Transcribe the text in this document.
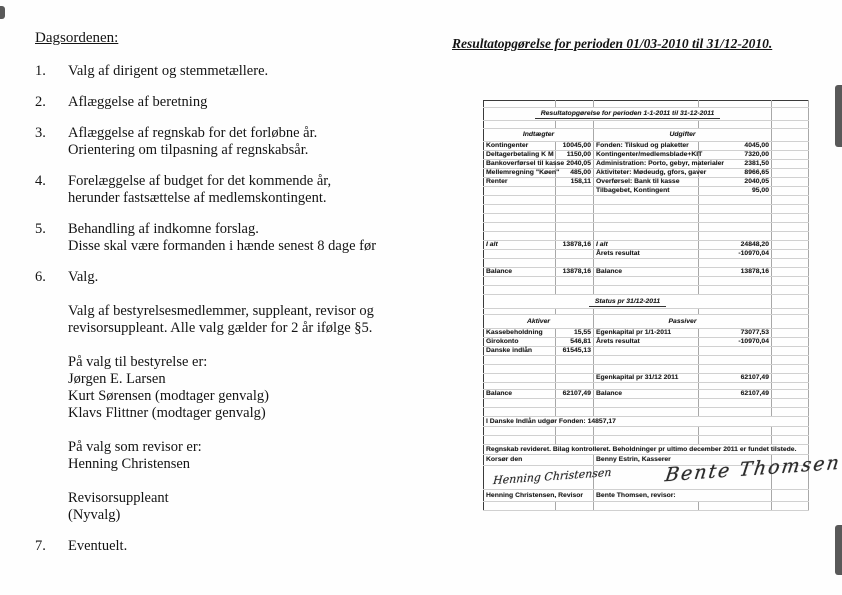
Dagsordenen:
1.	Valg af dirigent og stemmetællere.
2.	Aflæggelse af beretning
3.	Aflæggelse af regnskab for det forløbne år.
Orientering om tilpasning af regnskabsår.
4.	Forelæggelse af budget for det kommende år,
herunder fastsættelse af medlemskontingent.
5.	Behandling af indkomne forslag.
Disse skal være formanden i hænde senest 8 dage før
6.	Valg.

Valg af bestyrelsesmedlemmer, suppleant, revisor og
revisorsuppleant. Alle valg gælder for 2 år ifølge §5.

På valg til bestyrelse er:
Jørgen E. Larsen
Kurt Sørensen (modtager genvalg)
Klavs Flittner (modtager genvalg)

På valg som revisor er:
Henning Christensen

Revisorsuppleant
(Nyvalg)
7.	Eventuelt.
Resultatopgørelse for perioden 01/03-2010 til 31/12-2010.

Resultatopgørelse for perioden 1-1-2011 til 31-12-2011				

Indtægter		Udgifter		
Kontingenter	10045,00	Fonden: Tilskud og plaketter	4045,00	
Deltagerbetaling K M	1150,00	Kontingenter/medlemsblade+KIT	7320,00	
Bankoverførsel til kasse	2040,05	Administration: Porto, gebyr, materialer	2381,50	
Mellemregning "Køen"	485,00	Aktiviteter: Mødeudg, gfors, gaver	8966,65	
Renter	158,11	Overførsel: Bank til kasse	2040,05	
		Tilbagebet, Kontingent	95,00	

I alt	13878,16	I alt	24848,20	
		Årets resultat	-10970,04	

Balance	13878,16	Balance	13878,16	

Status pr 31/12-2011				

Aktiver		Passiver		
Kassebeholdning	15,55	Egenkapital pr 1/1-2011	73077,53	
Girokonto	546,81	Årets resultat	-10970,04	
Danske indlån	61545,13			

		Egenkapital pr 31/12 2011	62107,49	

Balance	62107,49	Balance	62107,49	

I Danske Indlån udgør Fonden: 14857,17				

Regnskab revideret. Bilag kontrolleret. Beholdninger pr ultimo december 2011 er fundet tilstede.				
Korsør den		Benny Estrin, Kasserer		

Henning Christensen, Revisor		Bente Thomsen, revisor:		

Henning Christensen	Bente Thomsen
